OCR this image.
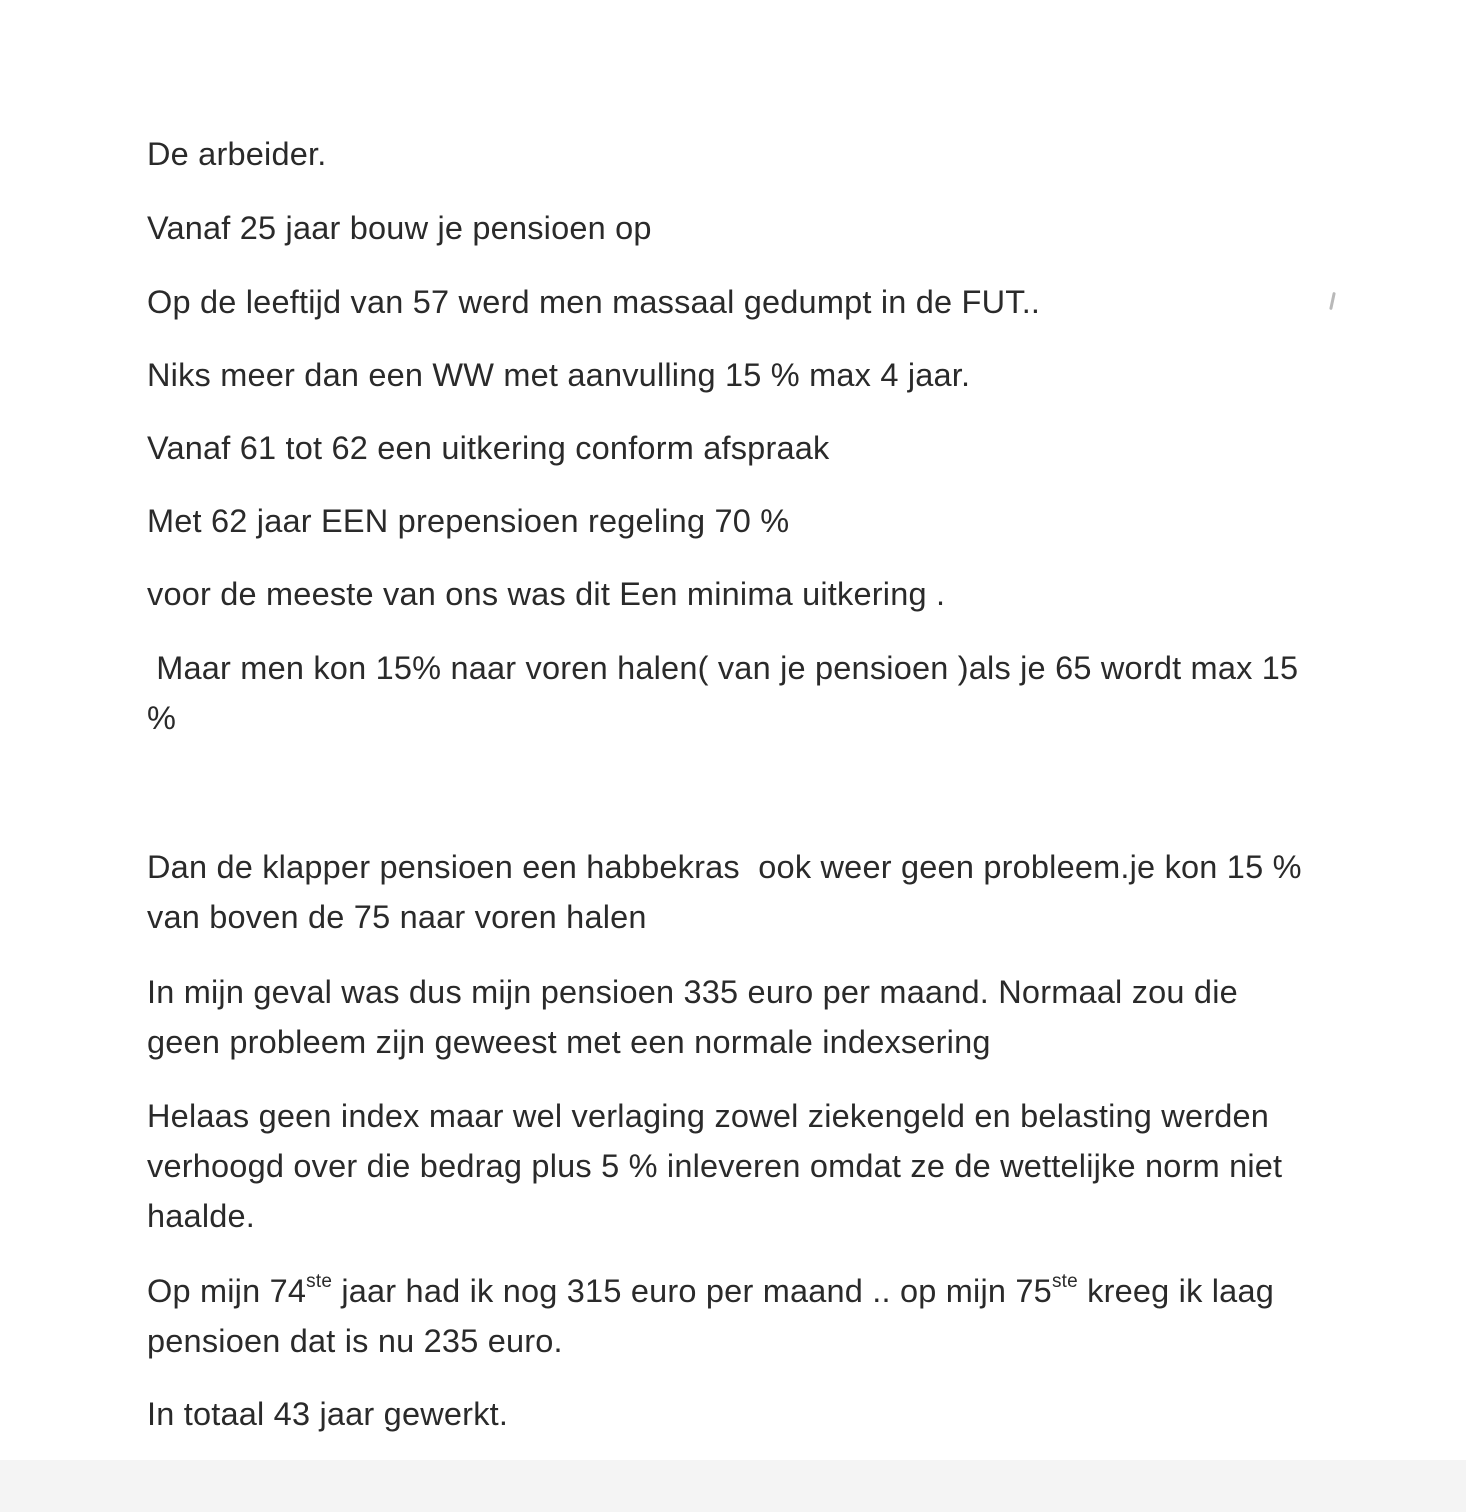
De arbeider.
Vanaf 25 jaar bouw je pensioen op
Op de leeftijd van 57 werd men massaal gedumpt in de FUT..
Niks meer dan een WW met aanvulling 15 % max 4 jaar.
Vanaf 61 tot 62 een uitkering conform afspraak
Met 62 jaar EEN prepensioen regeling 70 %
voor de meeste van ons was dit Een minima uitkering .
Maar men kon 15% naar voren halen( van je pensioen )als je 65 wordt max 15
%
Dan de klapper pensioen een habbekras  ook weer geen probleem.je kon 15 %
van boven de 75 naar voren halen
In mijn geval was dus mijn pensioen 335 euro per maand. Normaal zou die
geen probleem zijn geweest met een normale indexsering
Helaas geen index maar wel verlaging zowel ziekengeld en belasting werden
verhoogd over die bedrag plus 5 % inleveren omdat ze de wettelijke norm niet
haalde.
Op mijn 74ste jaar had ik nog 315 euro per maand .. op mijn 75ste kreeg ik laag
pensioen dat is nu 235 euro.
In totaal 43 jaar gewerkt.
